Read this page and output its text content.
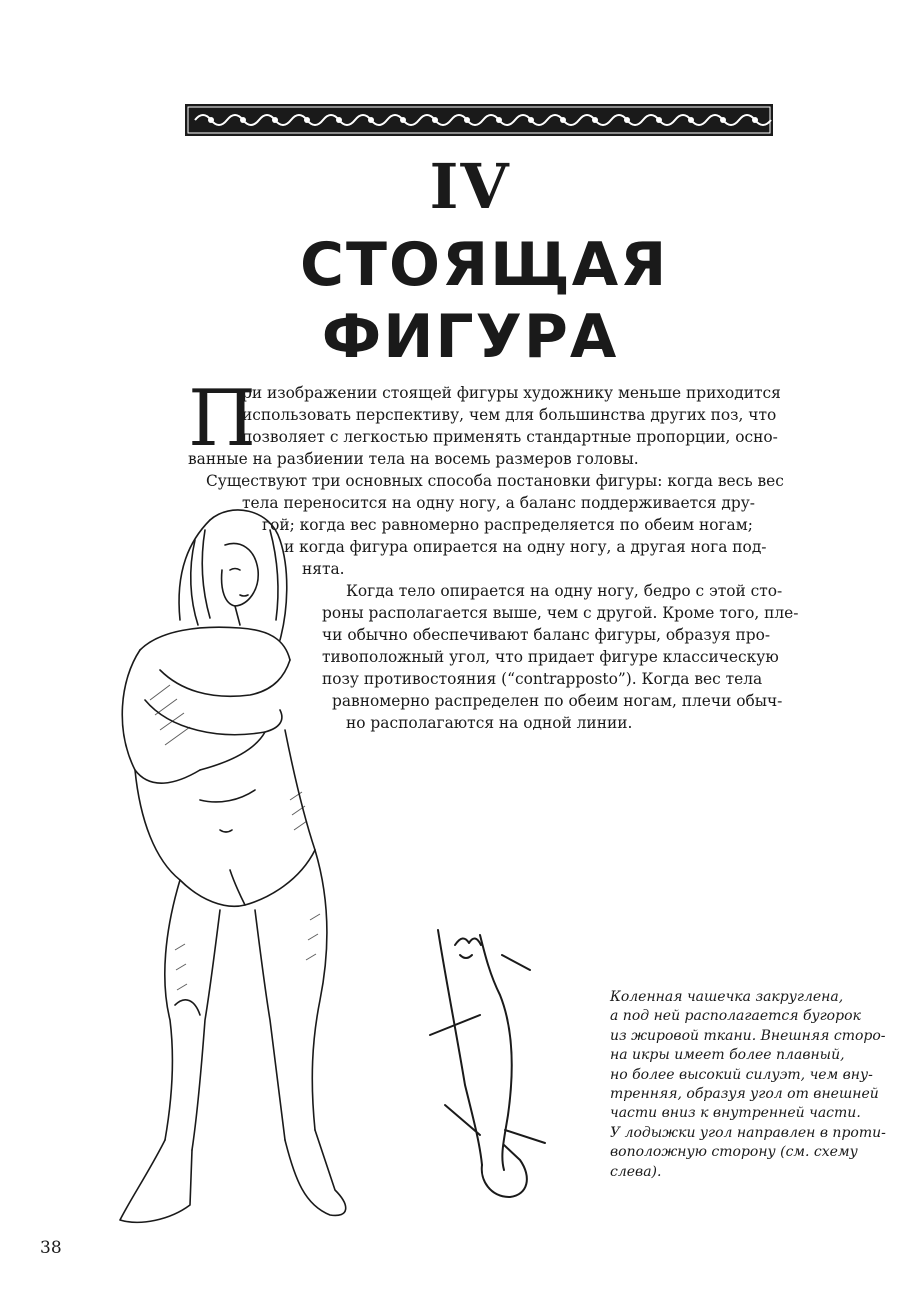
IV
СТОЯЩАЯ
ФИГУРА
П
ри изображении стоящей фигуры художнику меньше приходится
использовать перспективу, чем для большинства других поз, что
позволяет с легкостью применять стандартные пропорции, осно-
ванные на разбиении тела на восемь размеров головы.
Существуют три основных способа постановки фигуры: когда весь вес
тела переносится на одну ногу, а баланс поддерживается дру-
гой; когда вес равномерно распределяется по обеим ногам;
и когда фигура опирается на одну ногу, а другая нога под-
нята.
Когда тело опирается на одну ногу, бедро с этой сто-
роны располагается выше, чем с другой. Кроме того, пле-
чи обычно обеспечивают баланс фигуры, образуя про-
тивоположный угол, что придает фигуре классическую
позу противостояния (“contrapposto”). Когда вес тела
равномерно распределен по обеим ногам, плечи обыч-
но располагаются на одной линии.
Коленная чашечка закруглена,
а под ней располагается бугорок
из жировой ткани. Внешняя сторо-
на икры имеет более плавный,
но более высокий силуэт, чем вну-
тренняя, образуя угол от внешней
части вниз к внутренней части.
У лодыжки угол направлен в проти-
воположную сторону (см. схему
слева).
38
